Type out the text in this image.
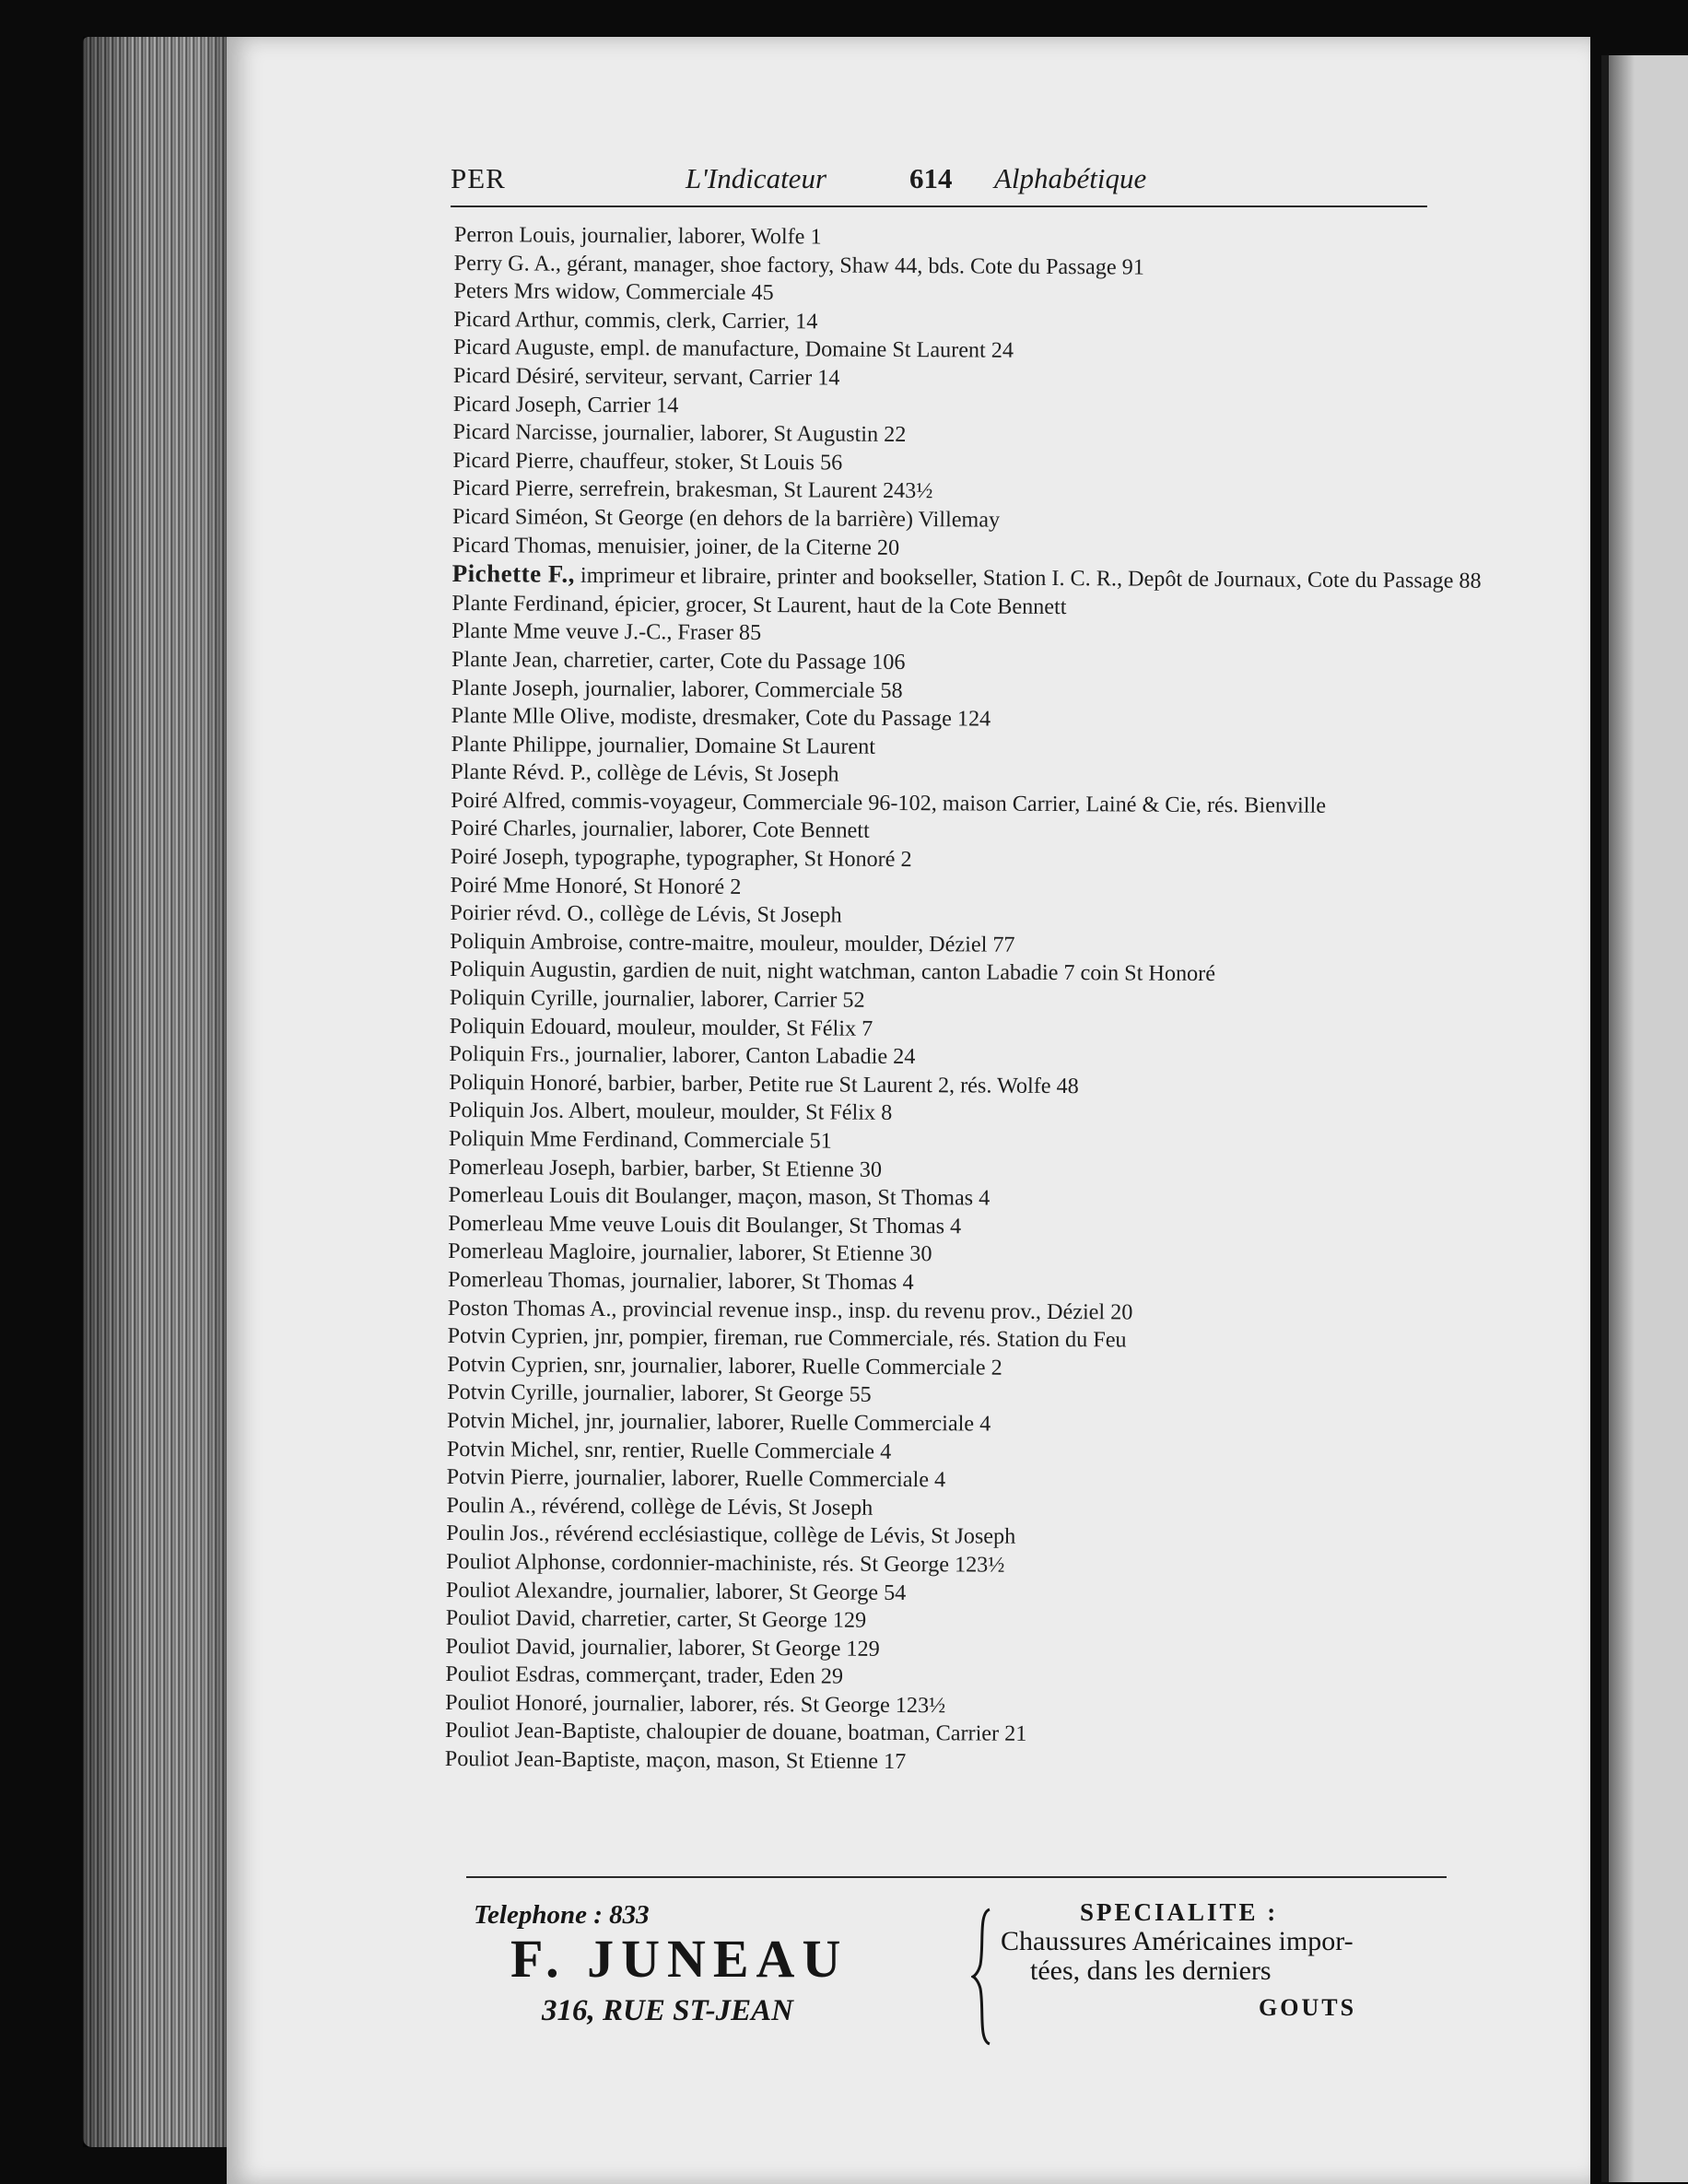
PER	L'Indicateur	614 Alphabétique
Perron Louis, journalier, laborer, Wolfe 1
Perry G. A., gérant, manager, shoe factory, Shaw 44, bds. Cote du Passage 91
Peters Mrs widow, Commerciale 45
Picard Arthur, commis, clerk, Carrier, 14
Picard Auguste, empl. de manufacture, Domaine St Laurent 24
Picard Désiré, serviteur, servant, Carrier 14
Picard Joseph, Carrier 14
Picard Narcisse, journalier, laborer, St Augustin 22
Picard Pierre, chauffeur, stoker, St Louis 56
Picard Pierre, serrefrein, brakesman, St Laurent 243½
Picard Siméon, St George (en dehors de la barrière) Villemay
Picard Thomas, menuisier, joiner, de la Citerne 20
Pichette F., imprimeur et libraire, printer and bookseller, Station I. C. R., Depôt de Journaux, Cote du Passage 88
Plante Ferdinand, épicier, grocer, St Laurent, haut de la Cote Bennett
Plante Mme veuve J.-C., Fraser 85
Plante Jean, charretier, carter, Cote du Passage 106
Plante Joseph, journalier, laborer, Commerciale 58
Plante Mlle Olive, modiste, dresmaker, Cote du Passage 124
Plante Philippe, journalier, Domaine St Laurent
Plante Révd. P., collège de Lévis, St Joseph
Poiré Alfred, commis-voyageur, Commerciale 96-102, maison Carrier, Lainé & Cie, rés. Bienville
Poiré Charles, journalier, laborer, Cote Bennett
Poiré Joseph, typographe, typographer, St Honoré 2
Poiré Mme Honoré, St Honoré 2
Poirier révd. O., collège de Lévis, St Joseph
Poliquin Ambroise, contre-maitre, mouleur, moulder, Déziel 77
Poliquin Augustin, gardien de nuit, night watchman, canton Labadie 7 coin St Honoré
Poliquin Cyrille, journalier, laborer, Carrier 52
Poliquin Edouard, mouleur, moulder, St Félix 7
Poliquin Frs., journalier, laborer, Canton Labadie 24
Poliquin Honoré, barbier, barber, Petite rue St Laurent 2, rés. Wolfe 48
Poliquin Jos. Albert, mouleur, moulder, St Félix 8
Poliquin Mme Ferdinand, Commerciale 51
Pomerleau Joseph, barbier, barber, St Etienne 30
Pomerleau Louis dit Boulanger, maçon, mason, St Thomas 4
Pomerleau Mme veuve Louis dit Boulanger, St Thomas 4
Pomerleau Magloire, journalier, laborer, St Etienne 30
Pomerleau Thomas, journalier, laborer, St Thomas 4
Poston Thomas A., provincial revenue insp., insp. du revenu prov., Déziel 20
Potvin Cyprien, jnr, pompier, fireman, rue Commerciale, rés. Station du Feu
Potvin Cyprien, snr, journalier, laborer, Ruelle Commerciale 2
Potvin Cyrille, journalier, laborer, St George 55
Potvin Michel, jnr, journalier, laborer, Ruelle Commerciale 4
Potvin Michel, snr, rentier, Ruelle Commerciale 4
Potvin Pierre, journalier, laborer, Ruelle Commerciale 4
Poulin A., révérend, collège de Lévis, St Joseph
Poulin Jos., révérend ecclésiastique, collège de Lévis, St Joseph
Pouliot Alphonse, cordonnier-machiniste, rés. St George 123½
Pouliot Alexandre, journalier, laborer, St George 54
Pouliot David, charretier, carter, St George 129
Pouliot David, journalier, laborer, St George 129
Pouliot Esdras, commerçant, trader, Eden 29
Pouliot Honoré, journalier, laborer, rés. St George 123½
Pouliot Jean-Baptiste, chaloupier de douane, boatman, Carrier 21
Pouliot Jean-Baptiste, maçon, mason, St Etienne 17
Telephone : 833
F. JUNEAU
316, RUE ST-JEAN
SPECIALITE :
Chaussures Américaines impor-
tées, dans les derniers
GOUTS
